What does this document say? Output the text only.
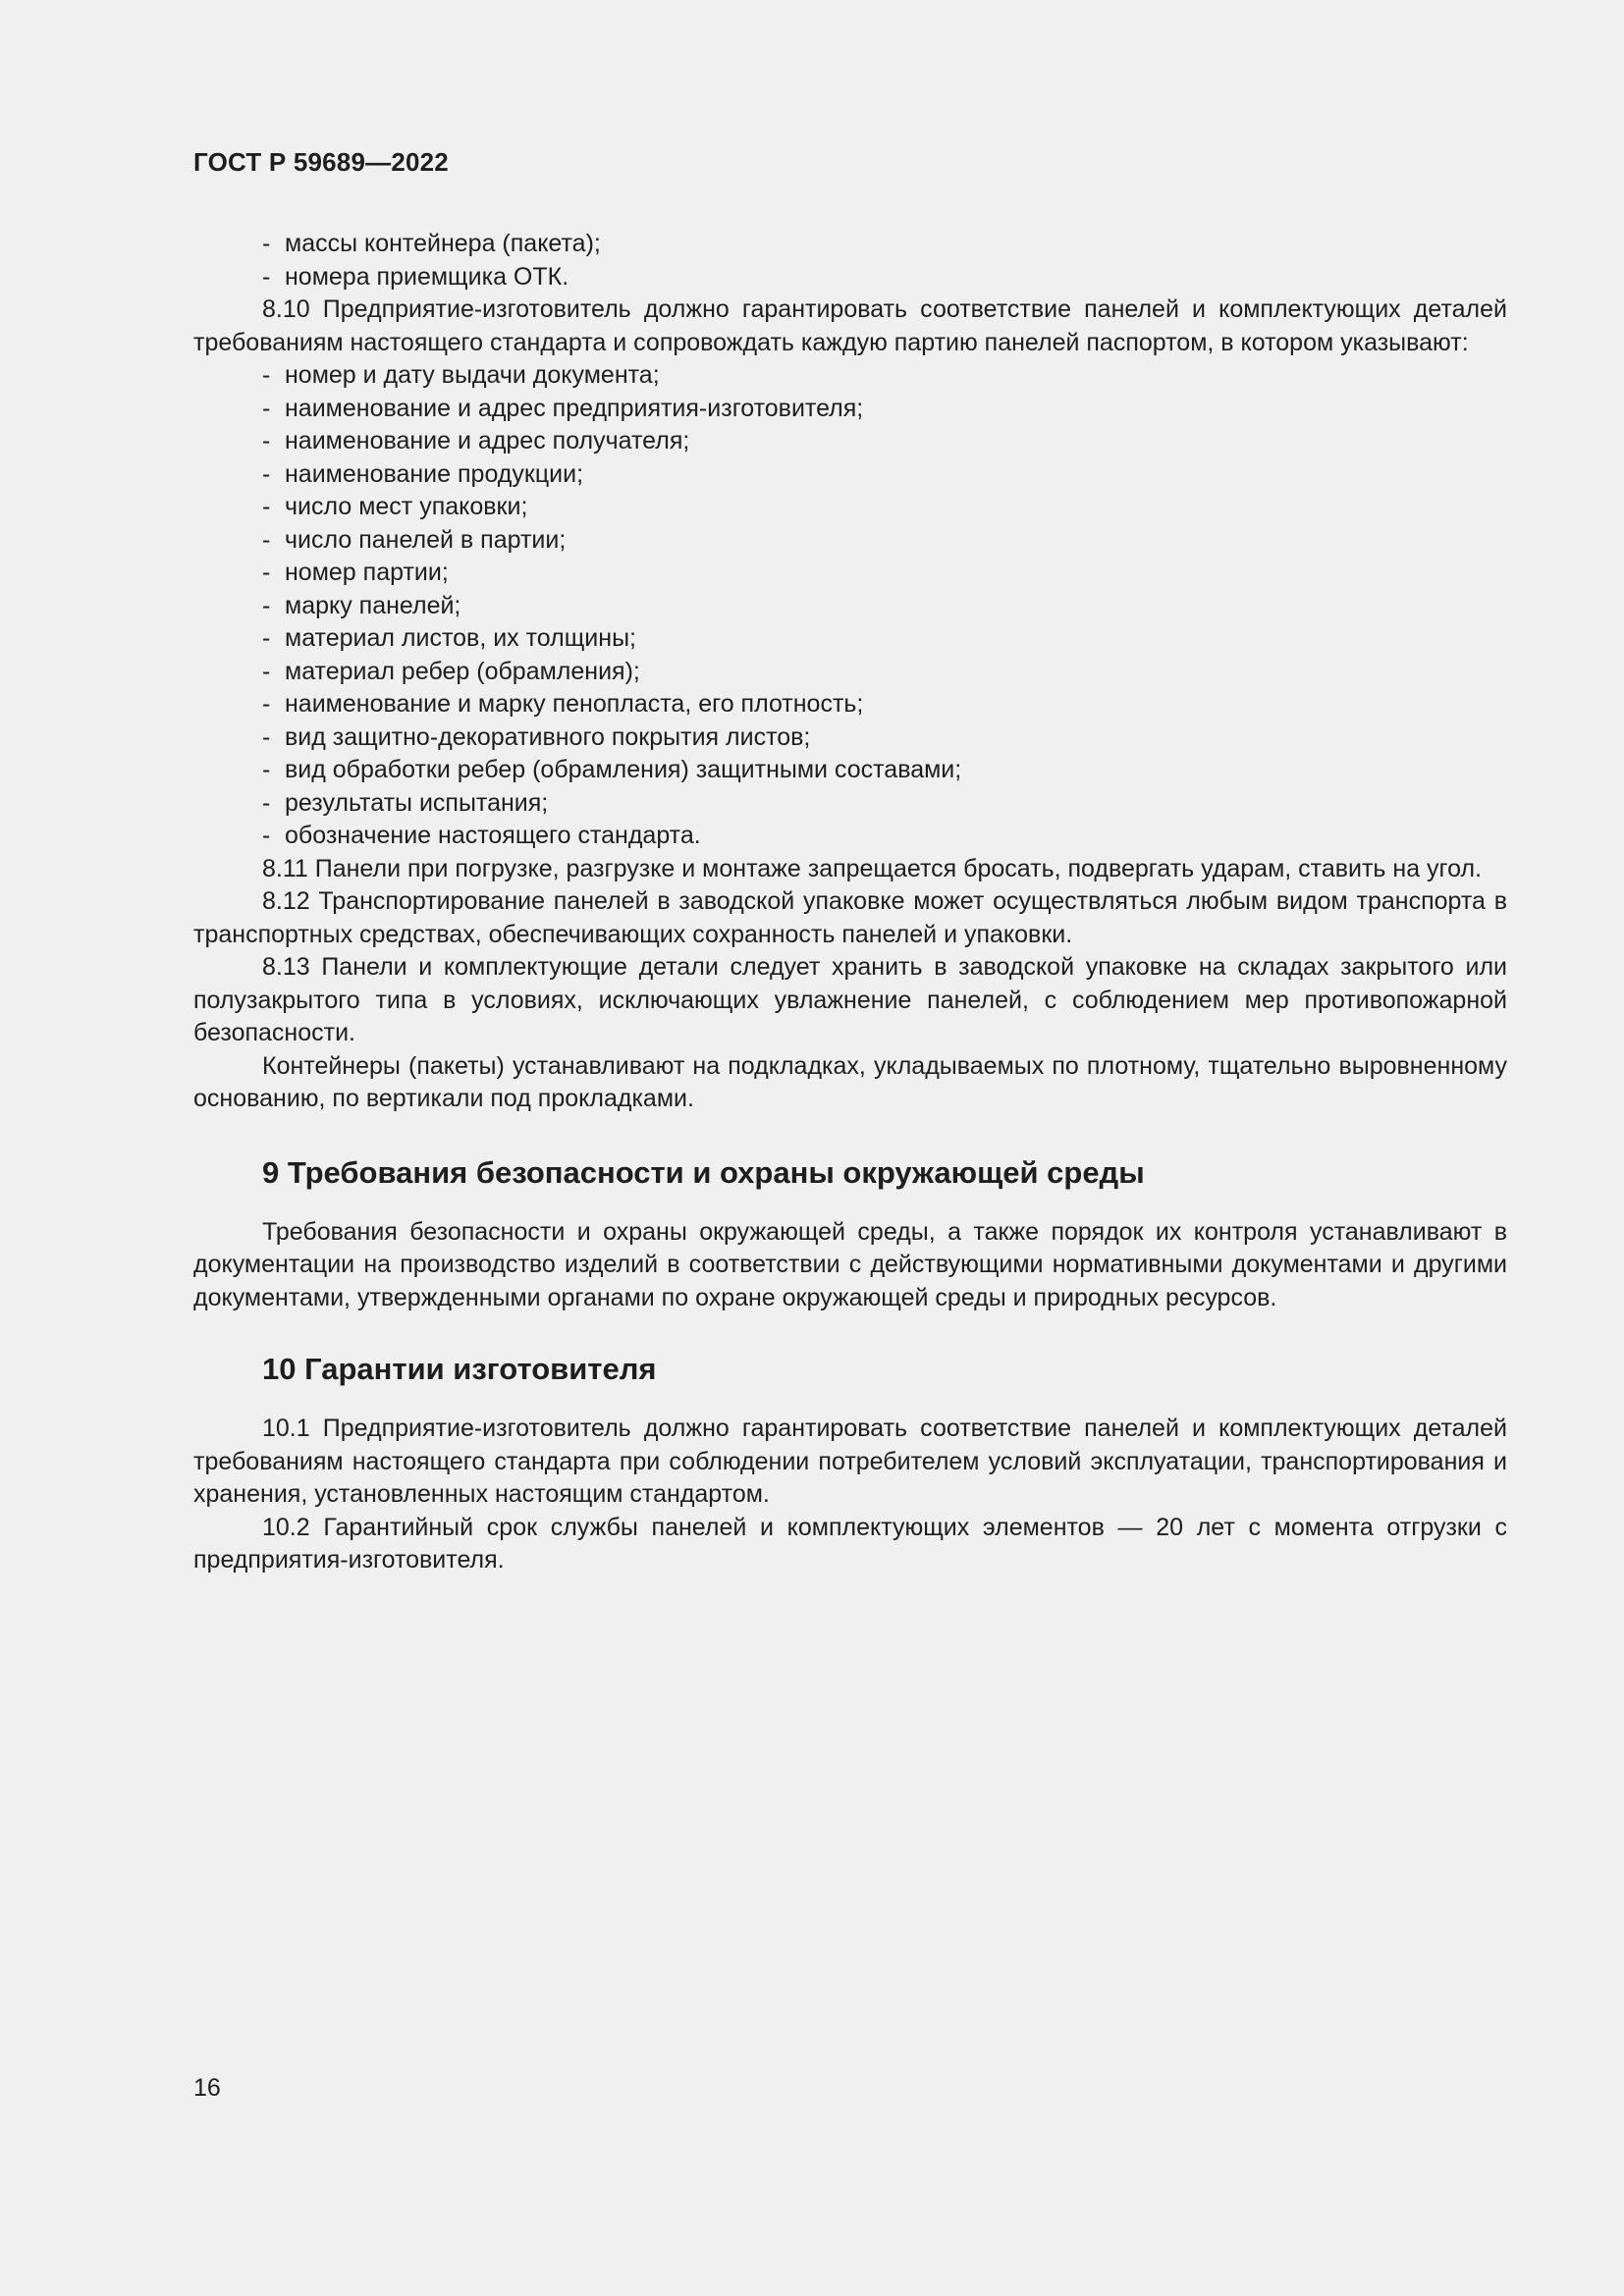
ГОСТ Р 59689—2022

- массы контейнера (пакета);

- номера приемщика ОТК.

8.10 Предприятие-изготовитель должно гарантировать соответствие панелей и комплектующих деталей требованиям настоящего стандарта и сопровождать каждую партию панелей паспортом, в котором указывают:

- номер и дату выдачи документа;

- наименование и адрес предприятия-изготовителя;

- наименование и адрес получателя;

- наименование продукции;

- число мест упаковки;

- число панелей в партии;

- номер партии;

- марку панелей;

- материал листов, их толщины;

- материал ребер (обрамления);

- наименование и марку пенопласта, его плотность;

- вид защитно-декоративного покрытия листов;

- вид обработки ребер (обрамления) защитными составами;

- результаты испытания;

- обозначение настоящего стандарта.

8.11 Панели при погрузке, разгрузке и монтаже запрещается бросать, подвергать ударам, ставить на угол.

8.12 Транспортирование панелей в заводской упаковке может осуществляться любым видом транспорта в транспортных средствах, обеспечивающих сохранность панелей и упаковки.

8.13 Панели и комплектующие детали следует хранить в заводской упаковке на складах закрытого или полузакрытого типа в условиях, исключающих увлажнение панелей, с соблюдением мер противопожарной безопасности.

Контейнеры (пакеты) устанавливают на подкладках, укладываемых по плотному, тщательно выровненному основанию, по вертикали под прокладками.

9 Требования безопасности и охраны окружающей среды

Требования безопасности и охраны окружающей среды, а также порядок их контроля устанавливают в документации на производство изделий в соответствии с действующими нормативными документами и другими документами, утвержденными органами по охране окружающей среды и природных ресурсов.

10 Гарантии изготовителя

10.1 Предприятие-изготовитель должно гарантировать соответствие панелей и комплектующих деталей требованиям настоящего стандарта при соблюдении потребителем условий эксплуатации, транспортирования и хранения, установленных настоящим стандартом.

10.2 Гарантийный срок службы панелей и комплектующих элементов — 20 лет с момента отгрузки с предприятия-изготовителя.

16
